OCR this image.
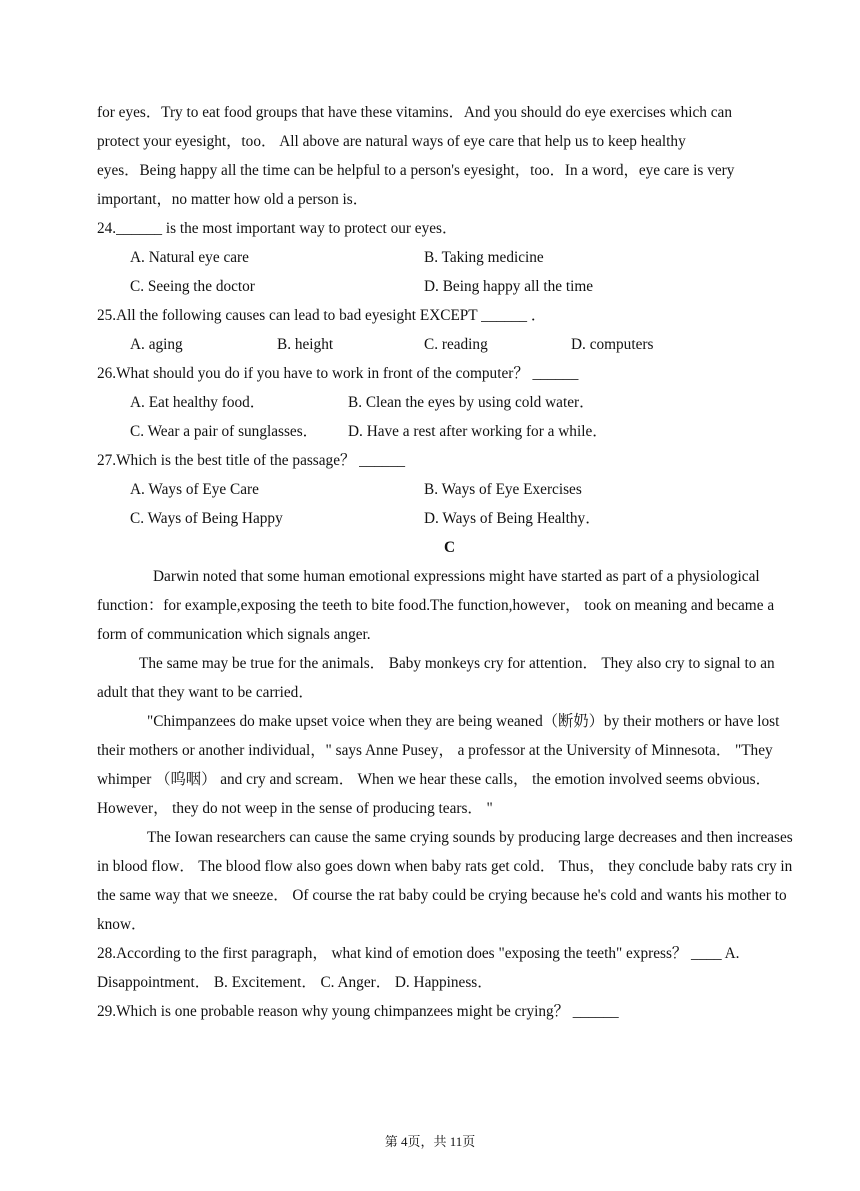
for eyes．Try to eat food groups that have these vitamins．And you should do eye exercises which can
protect your eyesight，too． All above are natural ways of eye care that help us to keep healthy
eyes．Being happy all the time can be helpful to a person's eyesight，too．In a word，eye care is very
important，no matter how old a person is．
24.______ is the most important way to protect our eyes．

A. Natural eye care

	B. Taking medicine

C. Seeing the doctor

	D. Being happy all the time

25.All the following causes can lead to bad eyesight EXCEPT ______ ．

A. aging

	B. height

	C. reading

	D. computers

26.What should you do if you have to work in front of the computer？ ______

A. Eat healthy food．

	B. Clean the eyes by using cold water．

C. Wear a pair of sunglasses．

D. Have a rest after working for a while．

27.Which is the best title of the passage？ ______

A. Ways of Eye Care

	B. Ways of Eye Exercises

C. Ways of Being Happy

	D. Ways of Being Healthy．

C

Darwin noted that some human emotional expressions might have started as part of a physiological function：for example,exposing the teeth to bite food.The function,however， took on meaning and became a form of communication which signals anger.

The same may be true for the animals． Baby monkeys cry for attention． They also cry to signal to an adult that they want to be carried．

"Chimpanzees do make upset voice when they are being weaned（断奶）by their mothers or have lost their mothers or another individual，" says Anne Pusey， a professor at the University of Minnesota． "They whimper （呜咽） and cry and scream． When we hear these calls， the emotion involved seems obvious． However， they do not weep in the sense of producing tears． "

The Iowan researchers can cause the same crying sounds by producing large decreases and then increases in blood flow． The blood flow also goes down when baby rats get cold． Thus， they conclude baby rats cry in the same way that we sneeze． Of course the rat baby could be crying because he's cold and wants his mother to know．

28.According to the first paragraph， what kind of emotion does "exposing the teeth" express？ ____ A.
Disappointment． B. Excitement． C. Anger． D. Happiness．
29.Which is one probable reason why young chimpanzees might be crying？ ______
第 4页，共 11页
